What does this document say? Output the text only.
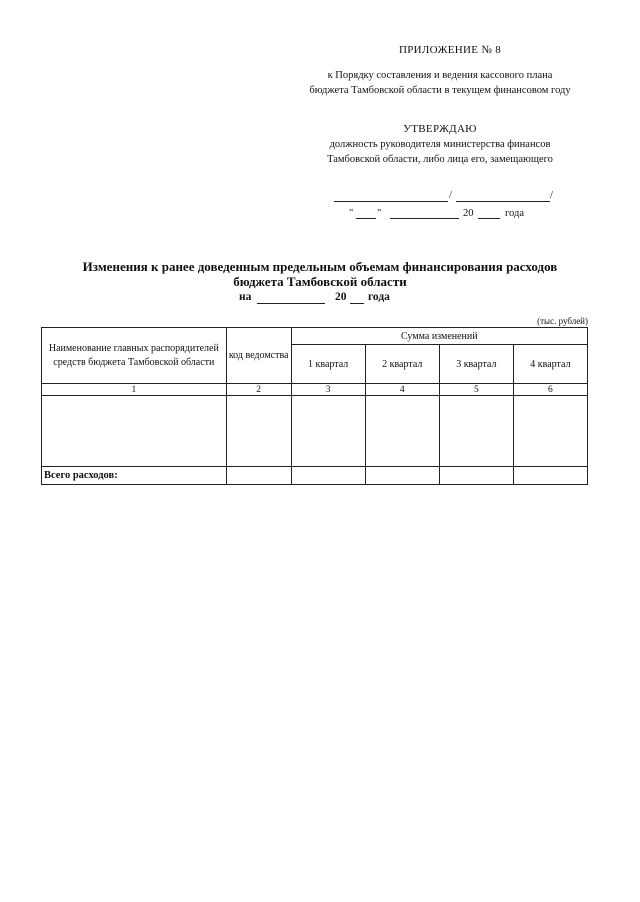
ПРИЛОЖЕНИЕ № 8
к Порядку составления и ведения кассового плана
бюджета Тамбовской области в текущем финансовом году
УТВЕРЖДАЮ
должность руководителя министерства финансов
Тамбовской области, либо лица его, замещающего
/	/
" "	20	года
Изменения к ранее доведенным предельным объемам финансирования расходов
бюджета Тамбовской области
на	20 года
(тыс. рублей)
Наименование главных распорядителей средств бюджета Тамбовской области	код ведомства	Сумма изменений			
		1 квартал	2 квартал	3 квартал	4 квартал
1	2	3	4	5	6

Всего расходов:					
